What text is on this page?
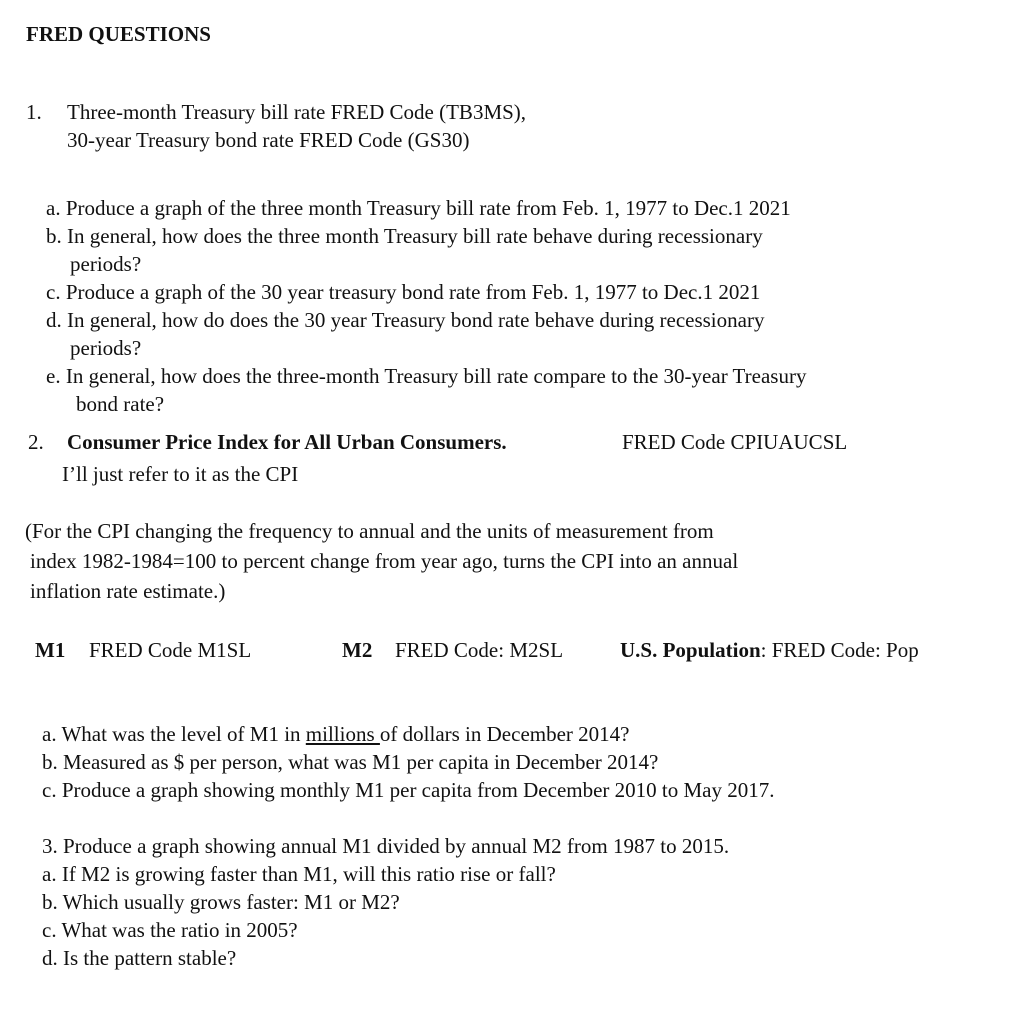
FRED QUESTIONS
1. Three-month Treasury bill rate FRED Code (TB3MS),
30-year Treasury bond rate FRED Code (GS30)
a. Produce a graph of the three month Treasury bill rate from Feb. 1, 1977 to Dec.1 2021
b. In general, how does the three month Treasury bill rate behave during recessionary
periods?
c. Produce a graph of the 30 year treasury bond rate from Feb. 1, 1977 to Dec.1 2021
d. In general, how do does the 30 year Treasury bond rate behave during recessionary
periods?
e. In general, how does the three-month Treasury bill rate compare to the 30-year Treasury
bond rate?
2. Consumer Price Index for All Urban Consumers.	FRED Code CPIUAUCSL
I’ll just refer to it as the CPI
(For the CPI changing the frequency to annual and the units of measurement from
index 1982-1984=100 to percent change from year ago, turns the CPI into an annual
inflation rate estimate.)
M1 FRED Code M1SL	M2 FRED Code: M2SL	U.S. Population: FRED Code: Pop
a. What was the level of M1 in millions of dollars in December 2014?
b. Measured as $ per person, what was M1 per capita in December 2014?
c. Produce a graph showing monthly M1 per capita from December 2010 to May 2017.
3. Produce a graph showing annual M1 divided by annual M2 from 1987 to 2015.
a. If M2 is growing faster than M1, will this ratio rise or fall?
b. Which usually grows faster: M1 or M2?
c. What was the ratio in 2005?
d. Is the pattern stable?
